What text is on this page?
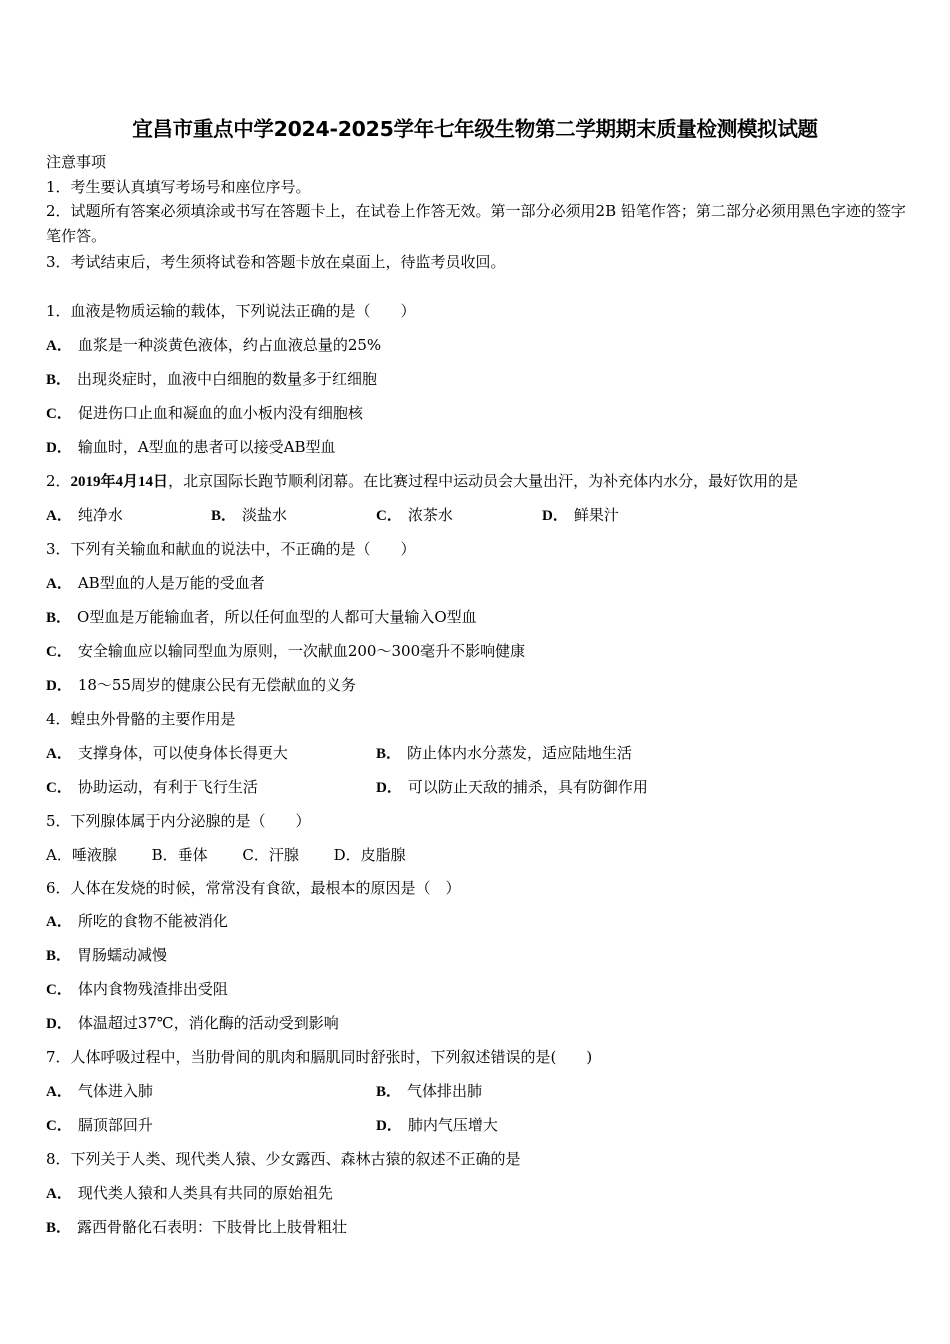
宜昌市重点中学2024-2025学年七年级生物第二学期期末质量检测模拟试题
注意事项
1．考生要认真填写考场号和座位序号。
2．试题所有答案必须填涂或书写在答题卡上，在试卷上作答无效。第一部分必须用2B 铅笔作答；第二部分必须用黑色字迹的签字笔作答。
3．考试结束后，考生须将试卷和答题卡放在桌面上，待监考员收回。
1．血液是物质运输的载体，下列说法正确的是（　　）
A． 血浆是一种淡黄色液体，约占血液总量的25%
B． 出现炎症时，血液中白细胞的数量多于红细胞
C． 促进伤口止血和凝血的血小板内没有细胞核
D． 输血时，A型血的患者可以接受AB型血
2．2019年4月14日，北京国际长跑节顺利闭幕。在比赛过程中运动员会大量出汗，为补充体内水分，最好饮用的是
A． 纯净水	B． 淡盐水	C． 浓茶水	D． 鲜果汁
3．下列有关输血和献血的说法中，不正确的是（　　）
A． AB型血的人是万能的受血者
B． O型血是万能输血者，所以任何血型的人都可大量输入O型血
C． 安全输血应以输同型血为原则，一次献血200～300毫升不影响健康
D． 18～55周岁的健康公民有无偿献血的义务
4．蝗虫外骨骼的主要作用是
A． 支撑身体，可以使身体长得更大	B． 防止体内水分蒸发，适应陆地生活
C． 协助运动，有利于飞行生活	D． 可以防止天敌的捕杀，具有防御作用
5．下列腺体属于内分泌腺的是（　　）
A．唾液腺　　 B．垂体　　 C．汗腺　　 D．皮脂腺
6．人体在发烧的时候，常常没有食欲，最根本的原因是（　）
A． 所吃的食物不能被消化
B． 胃肠蠕动减慢
C． 体内食物残渣排出受阻
D． 体温超过37℃，消化酶的活动受到影响
7．人体呼吸过程中，当肋骨间的肌肉和膈肌同时舒张时，下列叙述错误的是(　　)
A． 气体进入肺	B． 气体排出肺
C． 膈顶部回升	D． 肺内气压增大
8．下列关于人类、现代类人猿、少女露西、森林古猿的叙述不正确的是
A． 现代类人猿和人类具有共同的原始祖先
B． 露西骨骼化石表明：下肢骨比上肢骨粗壮
